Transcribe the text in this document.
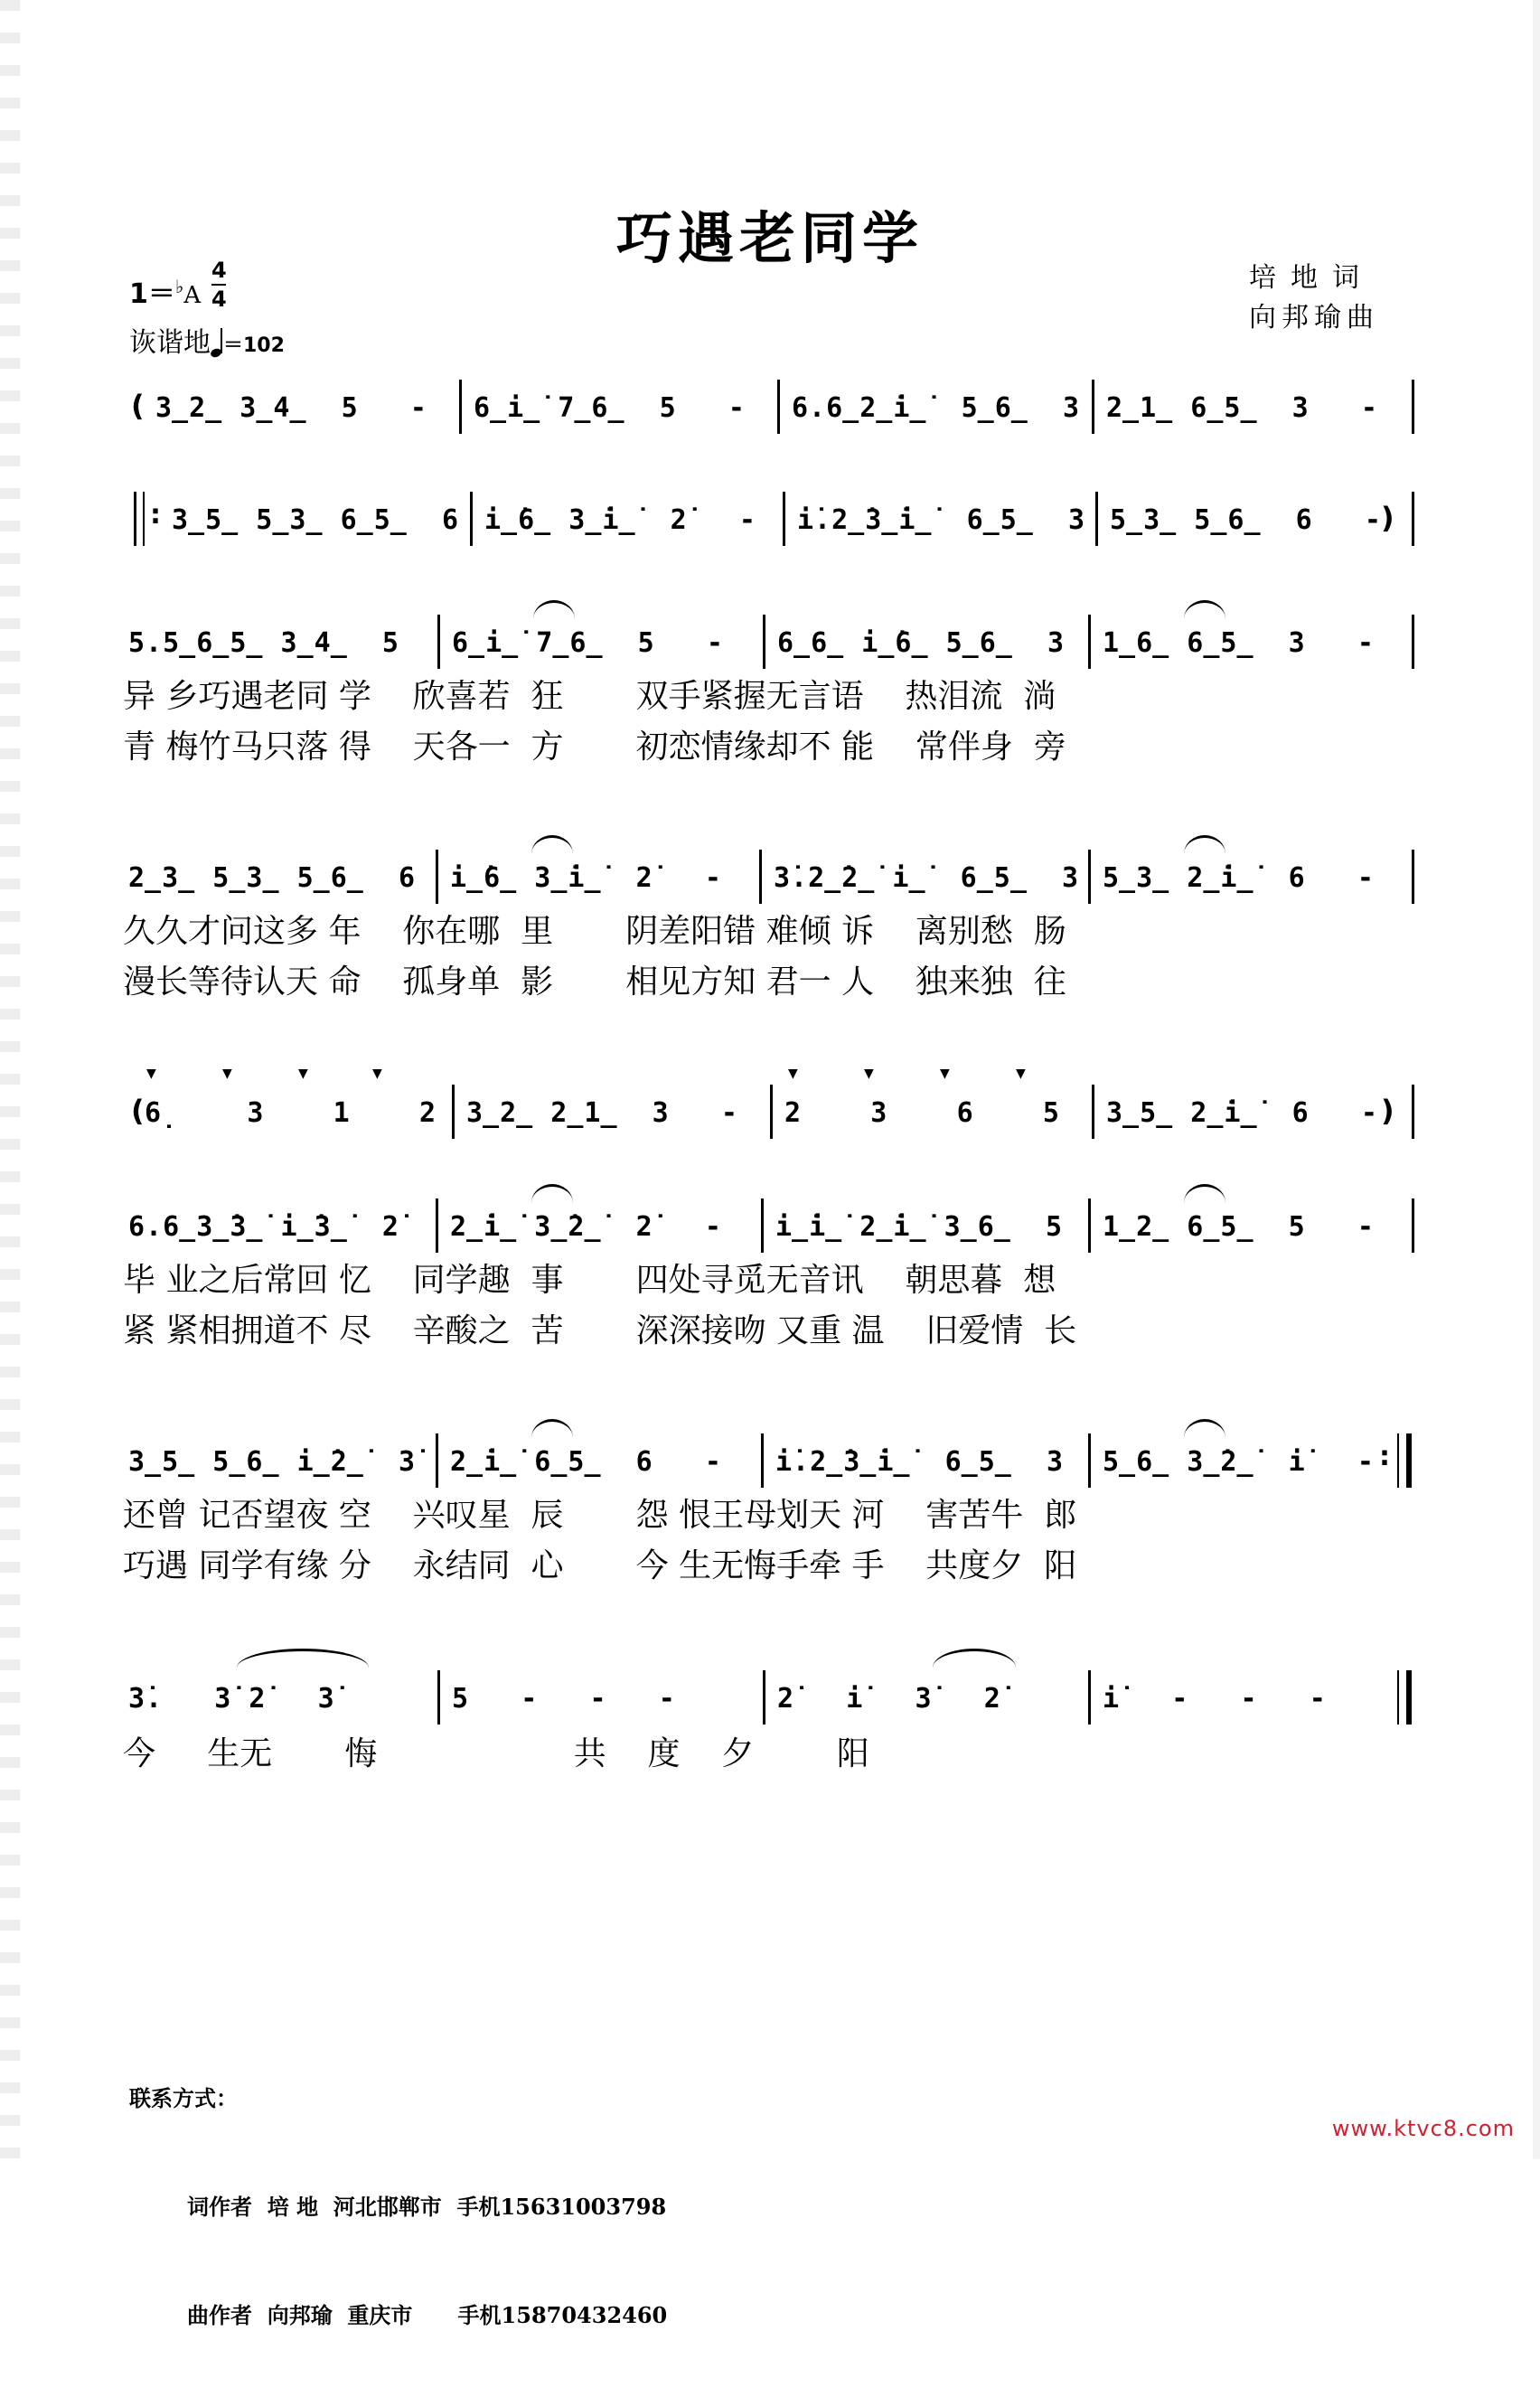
巧遇老同学
1＝♭A
4
4
诙谐地 ＝102
培地词
向邦瑜曲
( 3̲2̲ 3̲4̲  5   - 6̲i̲̇ 7̲6̲  5   - 6.6̲2̲̇i̲̇  5̲6̲  3 2̲1̲ 6̲5̲  3   -
: 3̲5̲ 5̲3̲ 6̲5̲  6 i̲̇6̲ 3̲̇i̲̇  2̇   - i̇.2̲̇3̲̇i̲̇  6̲5̲  3 5̲3̲ 5̲6̲  6   - )
5.5̲6̲5̲ 3̲4̲  5 6̲i̲̇ 7̲6̲  5   - 6̲6̲ i̲̇6̲ 5̲6̲  3 1̲6̲ 6̲5̲  3   -
异 乡巧遇老同 学    欣喜若  狂       双手紧握无言语    热泪流  淌
青 梅竹马只落 得    天各一  方       初恋情缘却不 能    常伴身  旁
2̲3̲ 5̲3̲ 5̲6̲  6 i̲̇6̲ 3̲̇i̲̇  2̇   - 3̇.2̲̇2̲̇ i̲̇  6̲5̲  3 5̲3̲ 2̲̇i̲̇  6   -
久久才问这多 年    你在哪  里       阴差阳错 难倾 诉    离别愁  肠
漫长等待认天 命    孤身单  影       相见方知 君一 人    独来独  往
(
▼	▼	▼	▼
6̣    3    1    2 3̲2̲ 2̲1̲  3   -
▼	▼	▼	▼
2    3    6    5 3̲5̲ 2̲̇i̲̇  6   - )
6.6̲3̲̇3̲̇ i̲̇3̲̇  2̇ 2̲̇i̲̇ 3̲̇2̲̇  2̇   - i̲̇i̲̇ 2̲̇i̲̇ 3̲6̲  5 1̲2̲ 6̲5̲  5   -
毕 业之后常回 忆    同学趣  事       四处寻觅无音讯    朝思暮  想
紧 紧相拥道不 尽    辛酸之  苦       深深接吻 又重 温    旧爱情  长
3̲5̲ 5̲6̲ i̲̇2̲̇  3̇ 2̲̇i̲̇ 6̲5̲  6   - i̇.2̲̇3̲̇i̲̇  6̲5̲  3 5̲6̲ 3̲̇2̲̇  i̇   - :
还曾 记否望夜 空    兴叹星  辰       怨 恨王母划天 河    害苦牛  郎
巧遇 同学有缘 分    永结同  心       今 生无悔手牵 手    共度夕  阳
3̇.   3̇ 2̇   3̇	5   -   -   -	2̇   i̇   3̇   2̇	i̇   -   -   -
今     生无       悔                   共    度    夕        阳

联系方式：

词作者  培 地  河北邯郸市  手机15631003798

曲作者  向邦瑜  重庆市      手机15870432460

www.ktvc8.com
